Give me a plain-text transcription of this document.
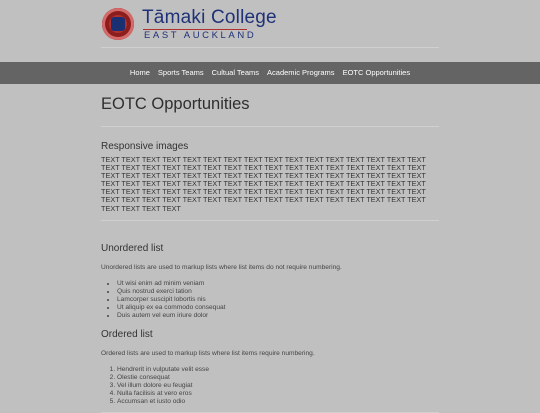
Tāmaki College
EAST AUCKLAND
Home Sports Teams Cultual Teams Academic Programs EOTC Opportunities
EOTC Opportunities
Responsive images

TEXT TEXT TEXT TEXT TEXT TEXT TEXT TEXT TEXT TEXT TEXT TEXT TEXT TEXT TEXT TEXT TEXT TEXT TEXT TEXT TEXT TEXT TEXT TEXT TEXT TEXT TEXT TEXT TEXT TEXT TEXT TEXT TEXT TEXT TEXT TEXT TEXT TEXT TEXT TEXT TEXT TEXT TEXT TEXT TEXT TEXT TEXT TEXT TEXT TEXT TEXT TEXT TEXT TEXT TEXT TEXT TEXT TEXT TEXT TEXT TEXT TEXT TEXT TEXT TEXT TEXT TEXT TEXT TEXT TEXT TEXT TEXT TEXT TEXT TEXT TEXT TEXT TEXT TEXT TEXT TEXT TEXT TEXT TEXT TEXT TEXT TEXT TEXT TEXT TEXT TEXT TEXT TEXT TEXT TEXT TEXT TEXT TEXT TEXT TEXT

Unordered list

Unordered lists are used to markup lists where list items do not require numbering.

• Ut wisi enim ad minim veniam
• Quis nostrud exerci tation
• Lamcorper suscipit lobortis nis
• Ut aliquip ex ea commodo consequat
• Duis autem vel eum iriure dolor
Ordered list

Ordered lists are used to markup lists where list items require numbering.

1. Hendrerit in vulputate velit esse
2. Olestie consequat
3. Vel illum dolore eu feugiat
4. Nulla facilisis at vero eros
5. Accumsan et iusto odio
